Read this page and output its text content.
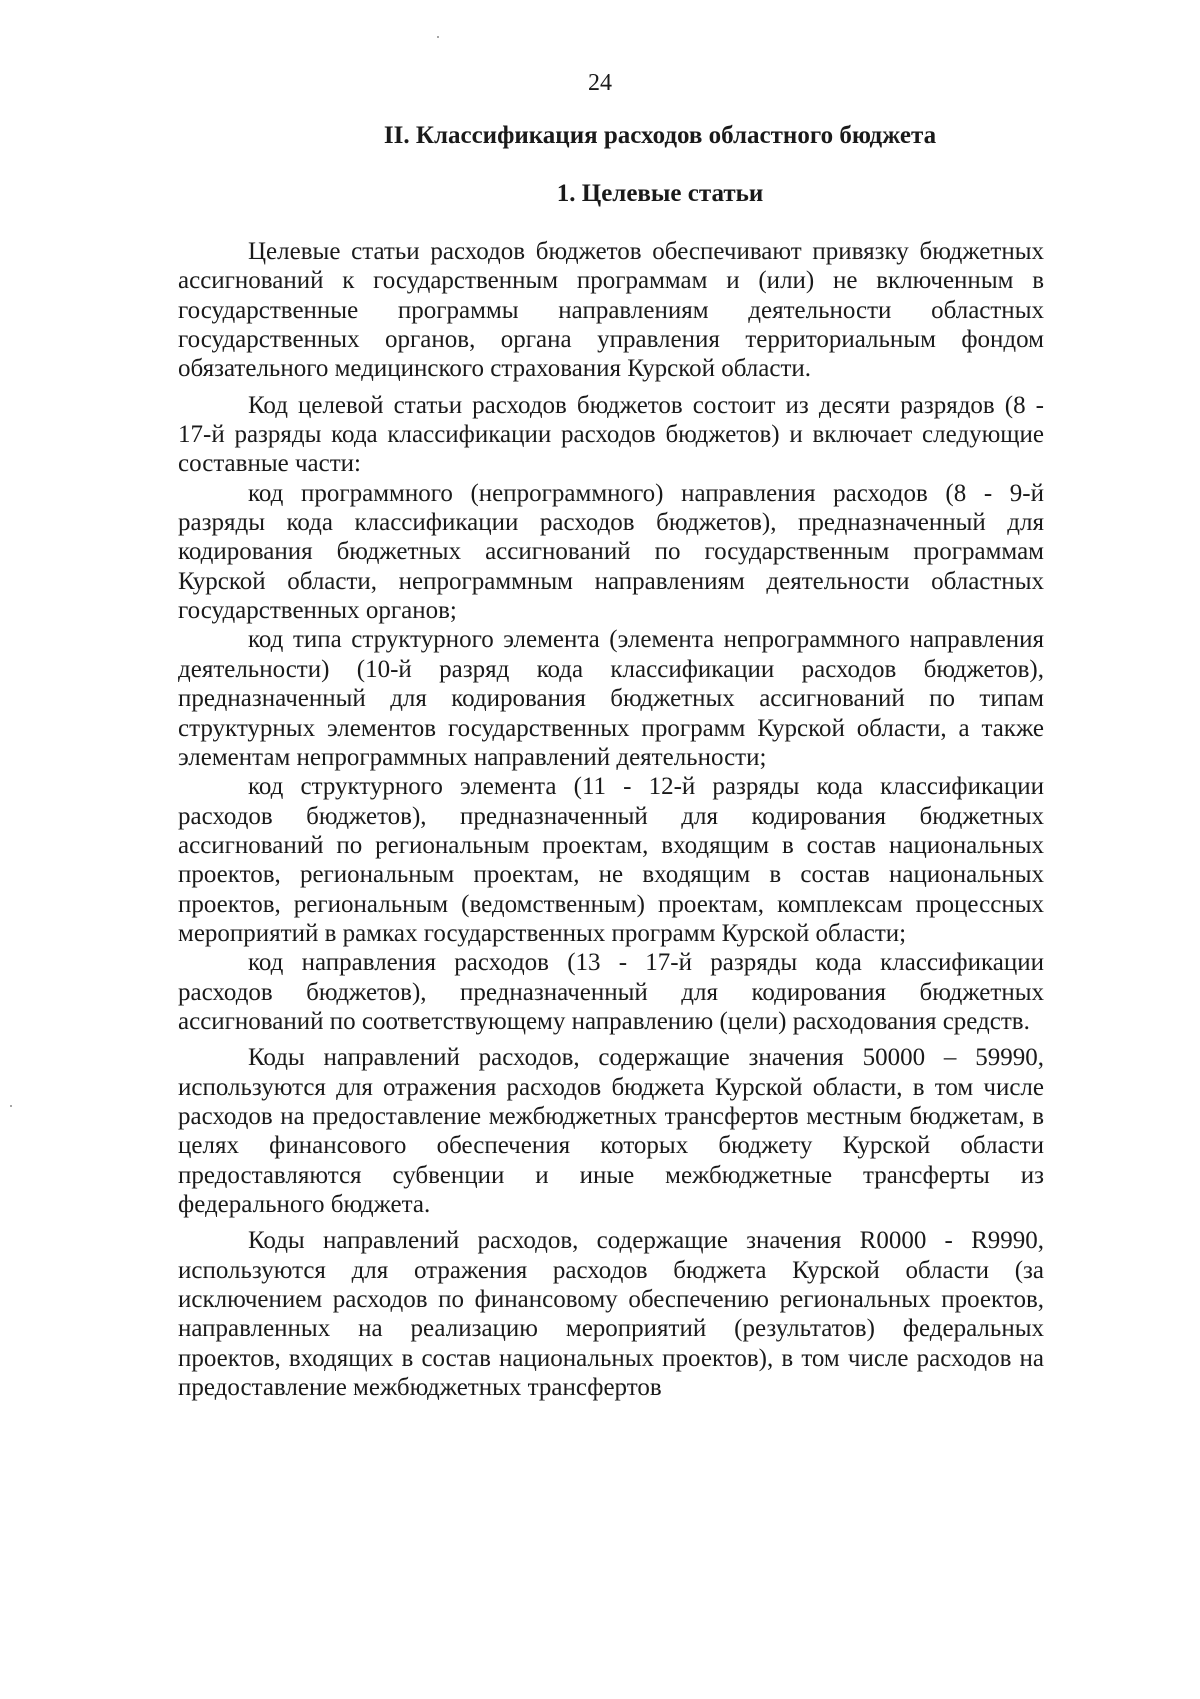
24
II. Классификация расходов областного бюджета
1. Целевые статьи

Целевые статьи расходов бюджетов обеспечивают привязку бюджетных ассигнований к государственным программам и (или) не включенным в государственные программы направлениям деятельности областных государственных органов, органа управления территориальным фондом обязательного медицинского страхования Курской области.

Код целевой статьи расходов бюджетов состоит из десяти разрядов (8 - 17-й разряды кода классификации расходов бюджетов) и включает следующие составные части:

код программного (непрограммного) направления расходов (8 - 9-й разряды кода классификации расходов бюджетов), предназначенный для кодирования бюджетных ассигнований по государственным программам Курской области, непрограммным направлениям деятельности областных государственных органов;

код типа структурного элемента (элемента непрограммного направления деятельности) (10-й разряд кода классификации расходов бюджетов), предназначенный для кодирования бюджетных ассигнований по типам структурных элементов государственных программ Курской области, а также элементам непрограммных направлений деятельности;

код структурного элемента (11 - 12-й разряды кода классификации расходов бюджетов), предназначенный для кодирования бюджетных ассигнований по региональным проектам, входящим в состав национальных проектов, региональным проектам, не входящим в состав национальных проектов, региональным (ведомственным) проектам, комплексам процессных мероприятий в рамках государственных программ Курской области;

код направления расходов (13 - 17-й разряды кода классификации расходов бюджетов), предназначенный для кодирования бюджетных ассигнований по соответствующему направлению (цели) расходования средств.

Коды направлений расходов, содержащие значения 50000 – 59990, используются для отражения расходов бюджета Курской области, в том числе расходов на предоставление межбюджетных трансфертов местным бюджетам, в целях финансового обеспечения которых бюджету Курской области предоставляются субвенции и иные межбюджетные трансферты из федерального бюджета.

Коды направлений расходов, содержащие значения R0000 - R9990, используются для отражения расходов бюджета Курской области (за исключением расходов по финансовому обеспечению региональных проектов, направленных на реализацию мероприятий (результатов) федеральных проектов, входящих в состав национальных проектов), в том числе расходов на предоставление межбюджетных трансфертов
